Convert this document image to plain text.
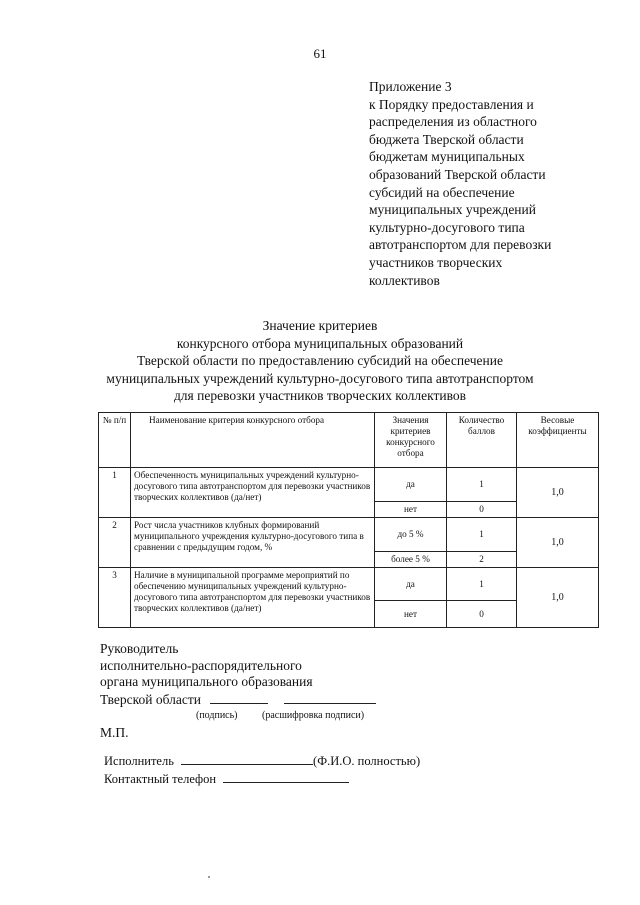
61
Приложение 3
к Порядку предоставления и
распределения из областного
бюджета Тверской области
бюджетам муниципальных
образований Тверской области
субсидий на обеспечение
муниципальных учреждений
культурно-досугового типа
автотранспортом для перевозки
участников творческих
коллективов
Значение критериев
конкурсного отбора муниципальных образований
Тверской области по предоставлению субсидий на обеспечение
муниципальных учреждений культурно-досугового типа автотранспортом
для перевозки участников творческих коллективов
№ п/п	Наименование критерия конкурсного отбора	Значения критериев конкурсного отбора	Количество баллов	Весовые коэффициенты
1	Обеспеченность муниципальных учреждений культурно-досугового типа автотранспортом для перевозки участников творческих коллективов (да/нет)	да	1	1,0
		нет	0	
2	Рост числа участников клубных формирований муниципального учреждения культурно-досугового типа в сравнении с предыдущим годом, %	до 5 %	1	1,0
		более 5 %	2	
3	Наличие в муниципальной программе мероприятий по обеспечению муниципальных учреждений культурно-досугового типа автотранспортом для перевозки участников творческих коллективов (да/нет)	да	1	1,0
		нет	0	
Руководитель
исполнительно-распорядительного
органа муниципального образования
Тверской области
(подпись) (расшифровка подписи)
М.П.
Исполнитель	(Ф.И.О. полностью)
Контактный телефон
